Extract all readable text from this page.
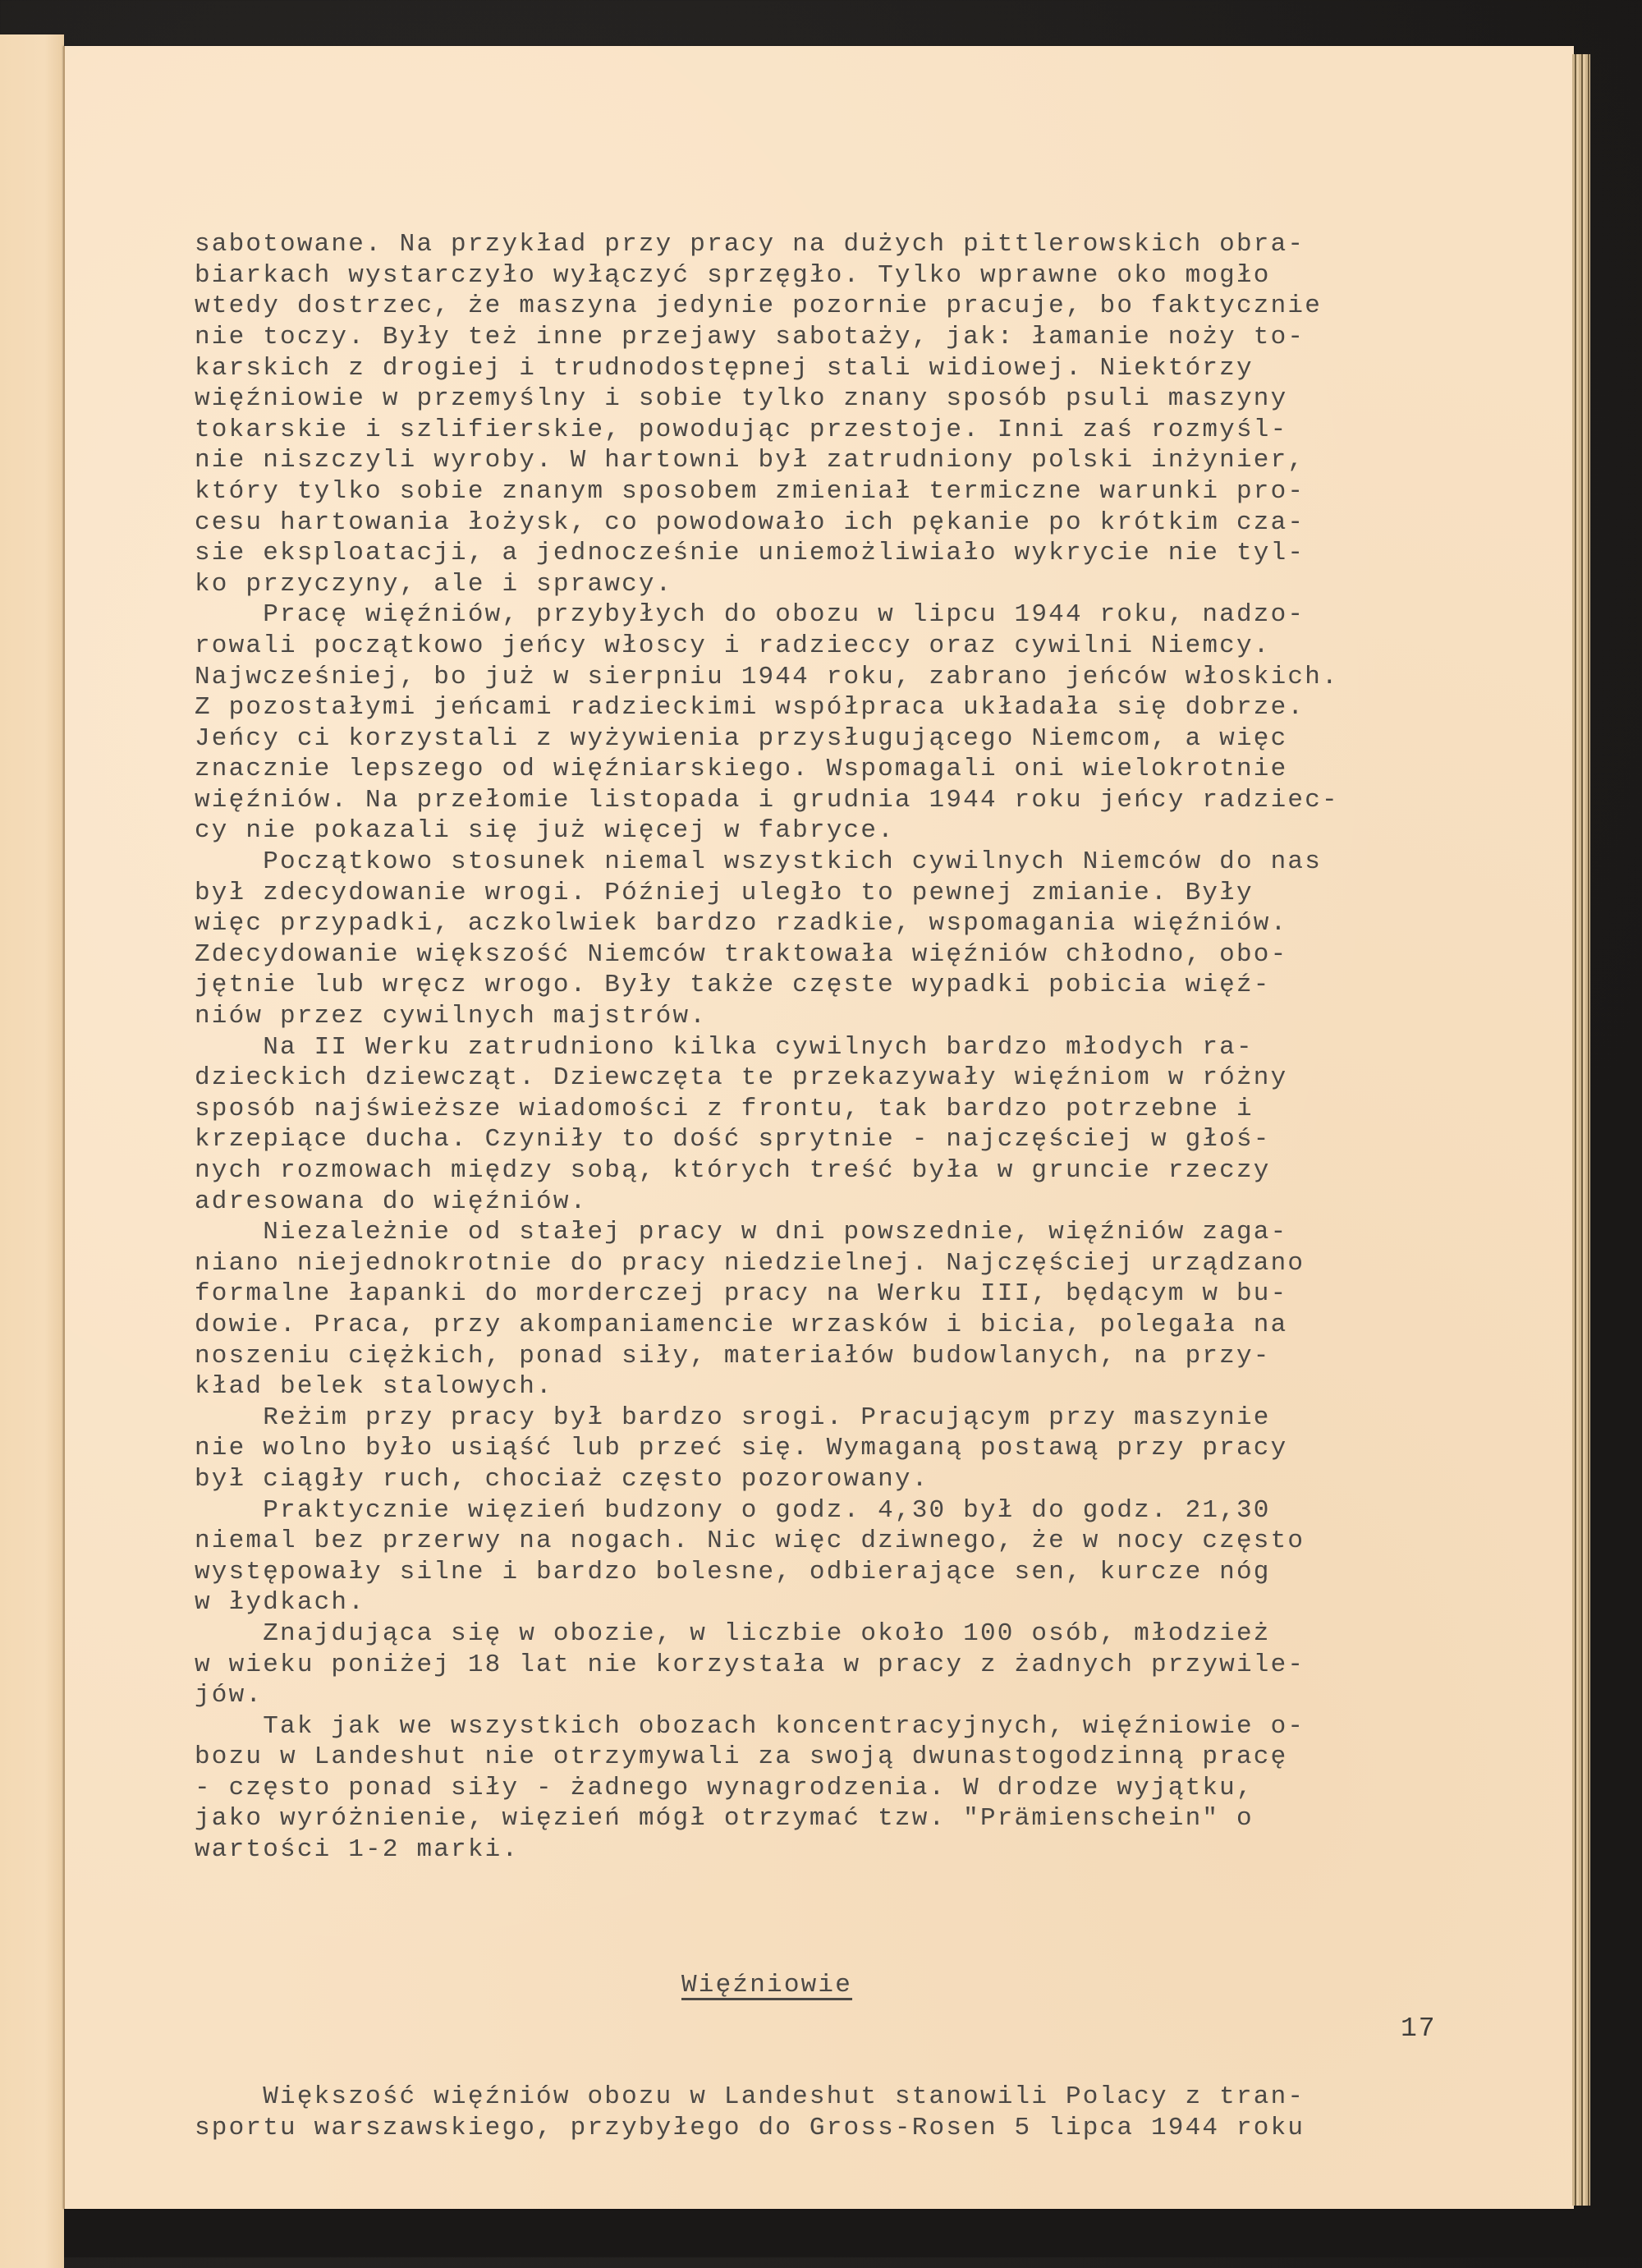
sabotowane. Na przykład przy pracy na dużych pittlerowskich obra-
biarkach wystarczyło wyłączyć sprzęgło. Tylko wprawne oko mogło
wtedy dostrzec, że maszyna jedynie pozornie pracuje, bo faktycznie
nie toczy. Były też inne przejawy sabotaży, jak: łamanie noży to-
karskich z drogiej i trudnodostępnej stali widiowej. Niektórzy
więźniowie w przemyślny i sobie tylko znany sposób psuli maszyny
tokarskie i szlifierskie, powodując przestoje. Inni zaś rozmyśl-
nie niszczyli wyroby. W hartowni był zatrudniony polski inżynier,
który tylko sobie znanym sposobem zmieniał termiczne warunki pro-
cesu hartowania łożysk, co powodowało ich pękanie po krótkim cza-
sie eksploatacji, a jednocześnie uniemożliwiało wykrycie nie tyl-
ko przyczyny, ale i sprawcy.
Pracę więźniów, przybyłych do obozu w lipcu 1944 roku, nadzo-
rowali początkowo jeńcy włoscy i radzieccy oraz cywilni Niemcy.
Najwcześniej, bo już w sierpniu 1944 roku, zabrano jeńców włoskich.
Z pozostałymi jeńcami radzieckimi współpraca układała się dobrze.
Jeńcy ci korzystali z wyżywienia przysługującego Niemcom, a więc
znacznie lepszego od więźniarskiego. Wspomagali oni wielokrotnie
więźniów. Na przełomie listopada i grudnia 1944 roku jeńcy radziec-
cy nie pokazali się już więcej w fabryce.
Początkowo stosunek niemal wszystkich cywilnych Niemców do nas
był zdecydowanie wrogi. Później uległo to pewnej zmianie. Były
więc przypadki, aczkolwiek bardzo rzadkie, wspomagania więźniów.
Zdecydowanie większość Niemców traktowała więźniów chłodno, obo-
jętnie lub wręcz wrogo. Były także częste wypadki pobicia więź-
niów przez cywilnych majstrów.
Na II Werku zatrudniono kilka cywilnych bardzo młodych ra-
dzieckich dziewcząt. Dziewczęta te przekazywały więźniom w różny
sposób najświeższe wiadomości z frontu, tak bardzo potrzebne i
krzepiące ducha. Czyniły to dość sprytnie - najczęściej w głoś-
nych rozmowach między sobą, których treść była w gruncie rzeczy
adresowana do więźniów.
Niezależnie od stałej pracy w dni powszednie, więźniów zaga-
niano niejednokrotnie do pracy niedzielnej. Najczęściej urządzano
formalne łapanki do morderczej pracy na Werku III, będącym w bu-
dowie. Praca, przy akompaniamencie wrzasków i bicia, polegała na
noszeniu ciężkich, ponad siły, materiałów budowlanych, na przy-
kład belek stalowych.
Reżim przy pracy był bardzo srogi. Pracującym przy maszynie
nie wolno było usiąść lub przeć się. Wymaganą postawą przy pracy
był ciągły ruch, chociaż często pozorowany.
Praktycznie więzień budzony o godz. 4,30 był do godz. 21,30
niemal bez przerwy na nogach. Nic więc dziwnego, że w nocy często
występowały silne i bardzo bolesne, odbierające sen, kurcze nóg
w łydkach.
Znajdująca się w obozie, w liczbie około 100 osób, młodzież
w wieku poniżej 18 lat nie korzystała w pracy z żadnych przywile-
jów.
Tak jak we wszystkich obozach koncentracyjnych, więźniowie o-
bozu w Landeshut nie otrzymywali za swoją dwunastogodzinną pracę
- często ponad siły - żadnego wynagrodzenia. W drodze wyjątku,
jako wyróżnienie, więzień mógł otrzymać tzw. "Prämienschein" o
wartości 1-2 marki.

Więźniowie

Większość więźniów obozu w Landeshut stanowili Polacy z tran-
sportu warszawskiego, przybyłego do Gross-Rosen 5 lipca 1944 roku

17
